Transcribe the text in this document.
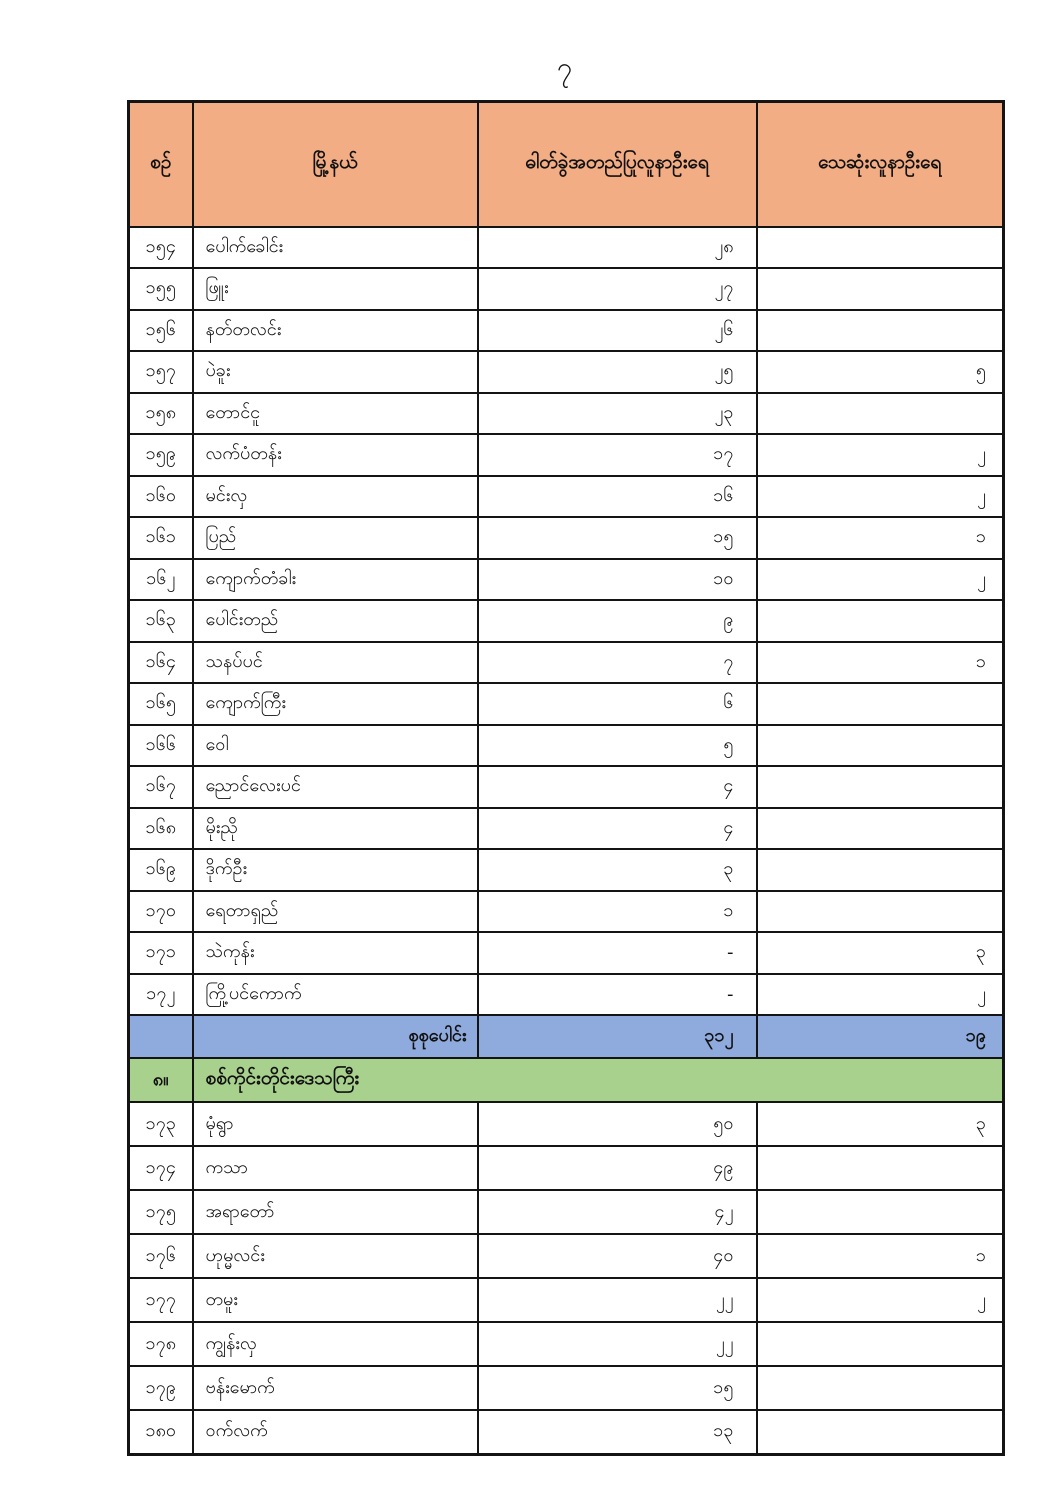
၇
စဉ်	မြို့နယ်	ဓါတ်ခွဲအတည်ပြုလူနာဦးရေ	သေဆုံးလူနာဦးရေ
၁၅၄	ပေါက်ခေါင်း	၂၈	
၁၅၅	ဖြူး	၂၇	
၁၅၆	နတ်တလင်း	၂၆	
၁၅၇	ပဲခူး	၂၅	၅
၁၅၈	တောင်ငူ	၂၃	
၁၅၉	လက်ပံတန်း	၁၇	၂
၁၆၀	မင်းလှ	၁၆	၂
၁၆၁	ပြည်	၁၅	၁
၁၆၂	ကျောက်တံခါး	၁၀	၂
၁၆၃	ပေါင်းတည်	၉	
၁၆၄	သနပ်ပင်	၇	၁
၁၆၅	ကျောက်ကြီး	၆	
၁၆၆	ဝေါ	၅	
၁၆၇	ညောင်လေးပင်	၄	
၁၆၈	မိုးညို	၄	
၁၆၉	ဒိုက်ဦး	၃	
၁၇၀	ရေတာရှည်	၁	
၁၇၁	သဲကုန်း	-	၃
၁၇၂	ကြို့ပင်ကောက်	-	၂
	စုစုပေါင်း	၃၁၂	၁၉
၈။	စစ်ကိုင်းတိုင်းဒေသကြီး		
၁၇၃	မုံရွာ	၅၀	၃
၁၇၄	ကသာ	၄၉	
၁၇၅	အရာတော်	၄၂	
၁၇၆	ဟုမ္မလင်း	၄၀	၁
၁၇၇	တမူး	၂၂	၂
၁၇၈	ကျွန်းလှ	၂၂	
၁၇၉	ဗန်းမောက်	၁၅	
၁၈၀	ဝက်လက်	၁၃	
